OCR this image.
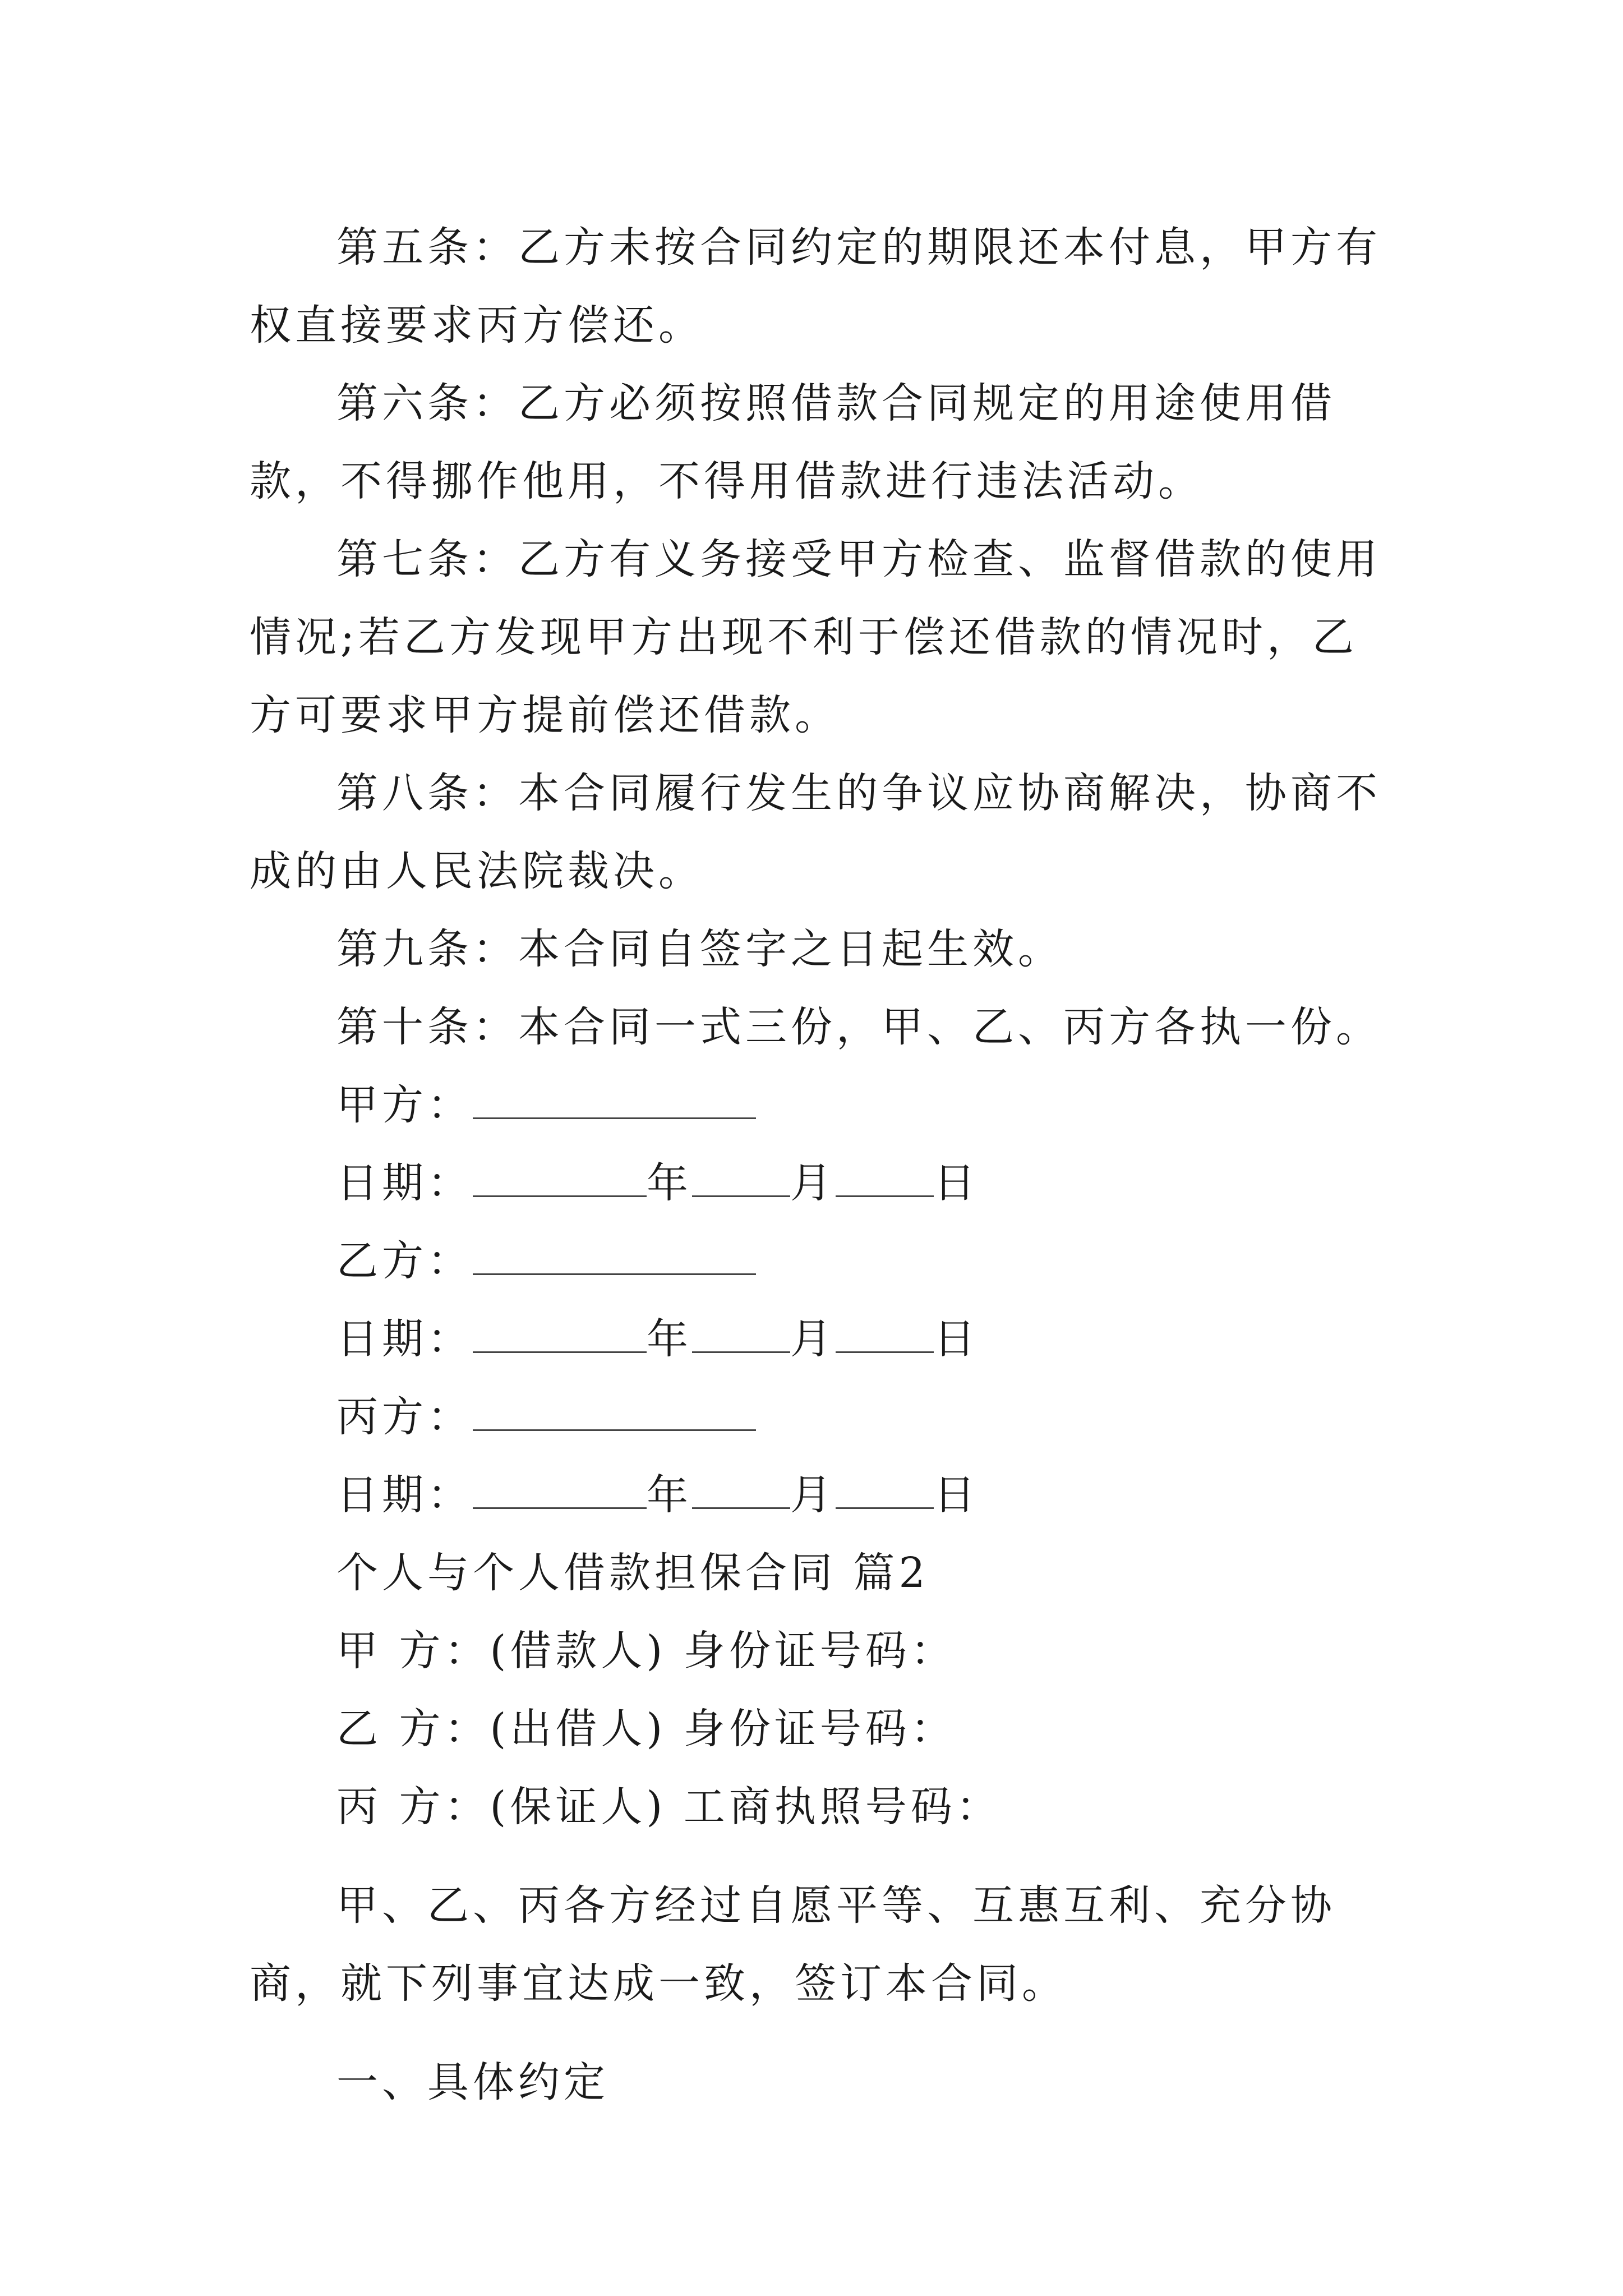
第五条：乙方未按合同约定的期限还本付息，甲方有权直接要求丙方偿还。

第六条：乙方必须按照借款合同规定的用途使用借款，不得挪作他用，不得用借款进行违法活动。

第七条：乙方有义务接受甲方检查、监督借款的使用情况;若乙方发现甲方出现不利于偿还借款的情况时，乙方可要求甲方提前偿还借款。

第八条：本合同履行发生的争议应协商解决，协商不成的由人民法院裁决。

第九条：本合同自签字之日起生效。

第十条：本合同一式三份，甲、乙、丙方各执一份。

甲方：
日期：	年 月 日
乙方：
日期：	年 月 日
丙方：
日期：	年 月 日
个人与个人借款担保合同 篇2
甲 方：(借款人) 身份证号码：
乙 方：(出借人) 身份证号码：
丙 方：(保证人) 工商执照号码：

甲、乙、丙各方经过自愿平等、互惠互利、充分协商，就下列事宜达成一致，签订本合同。

一、具体约定
